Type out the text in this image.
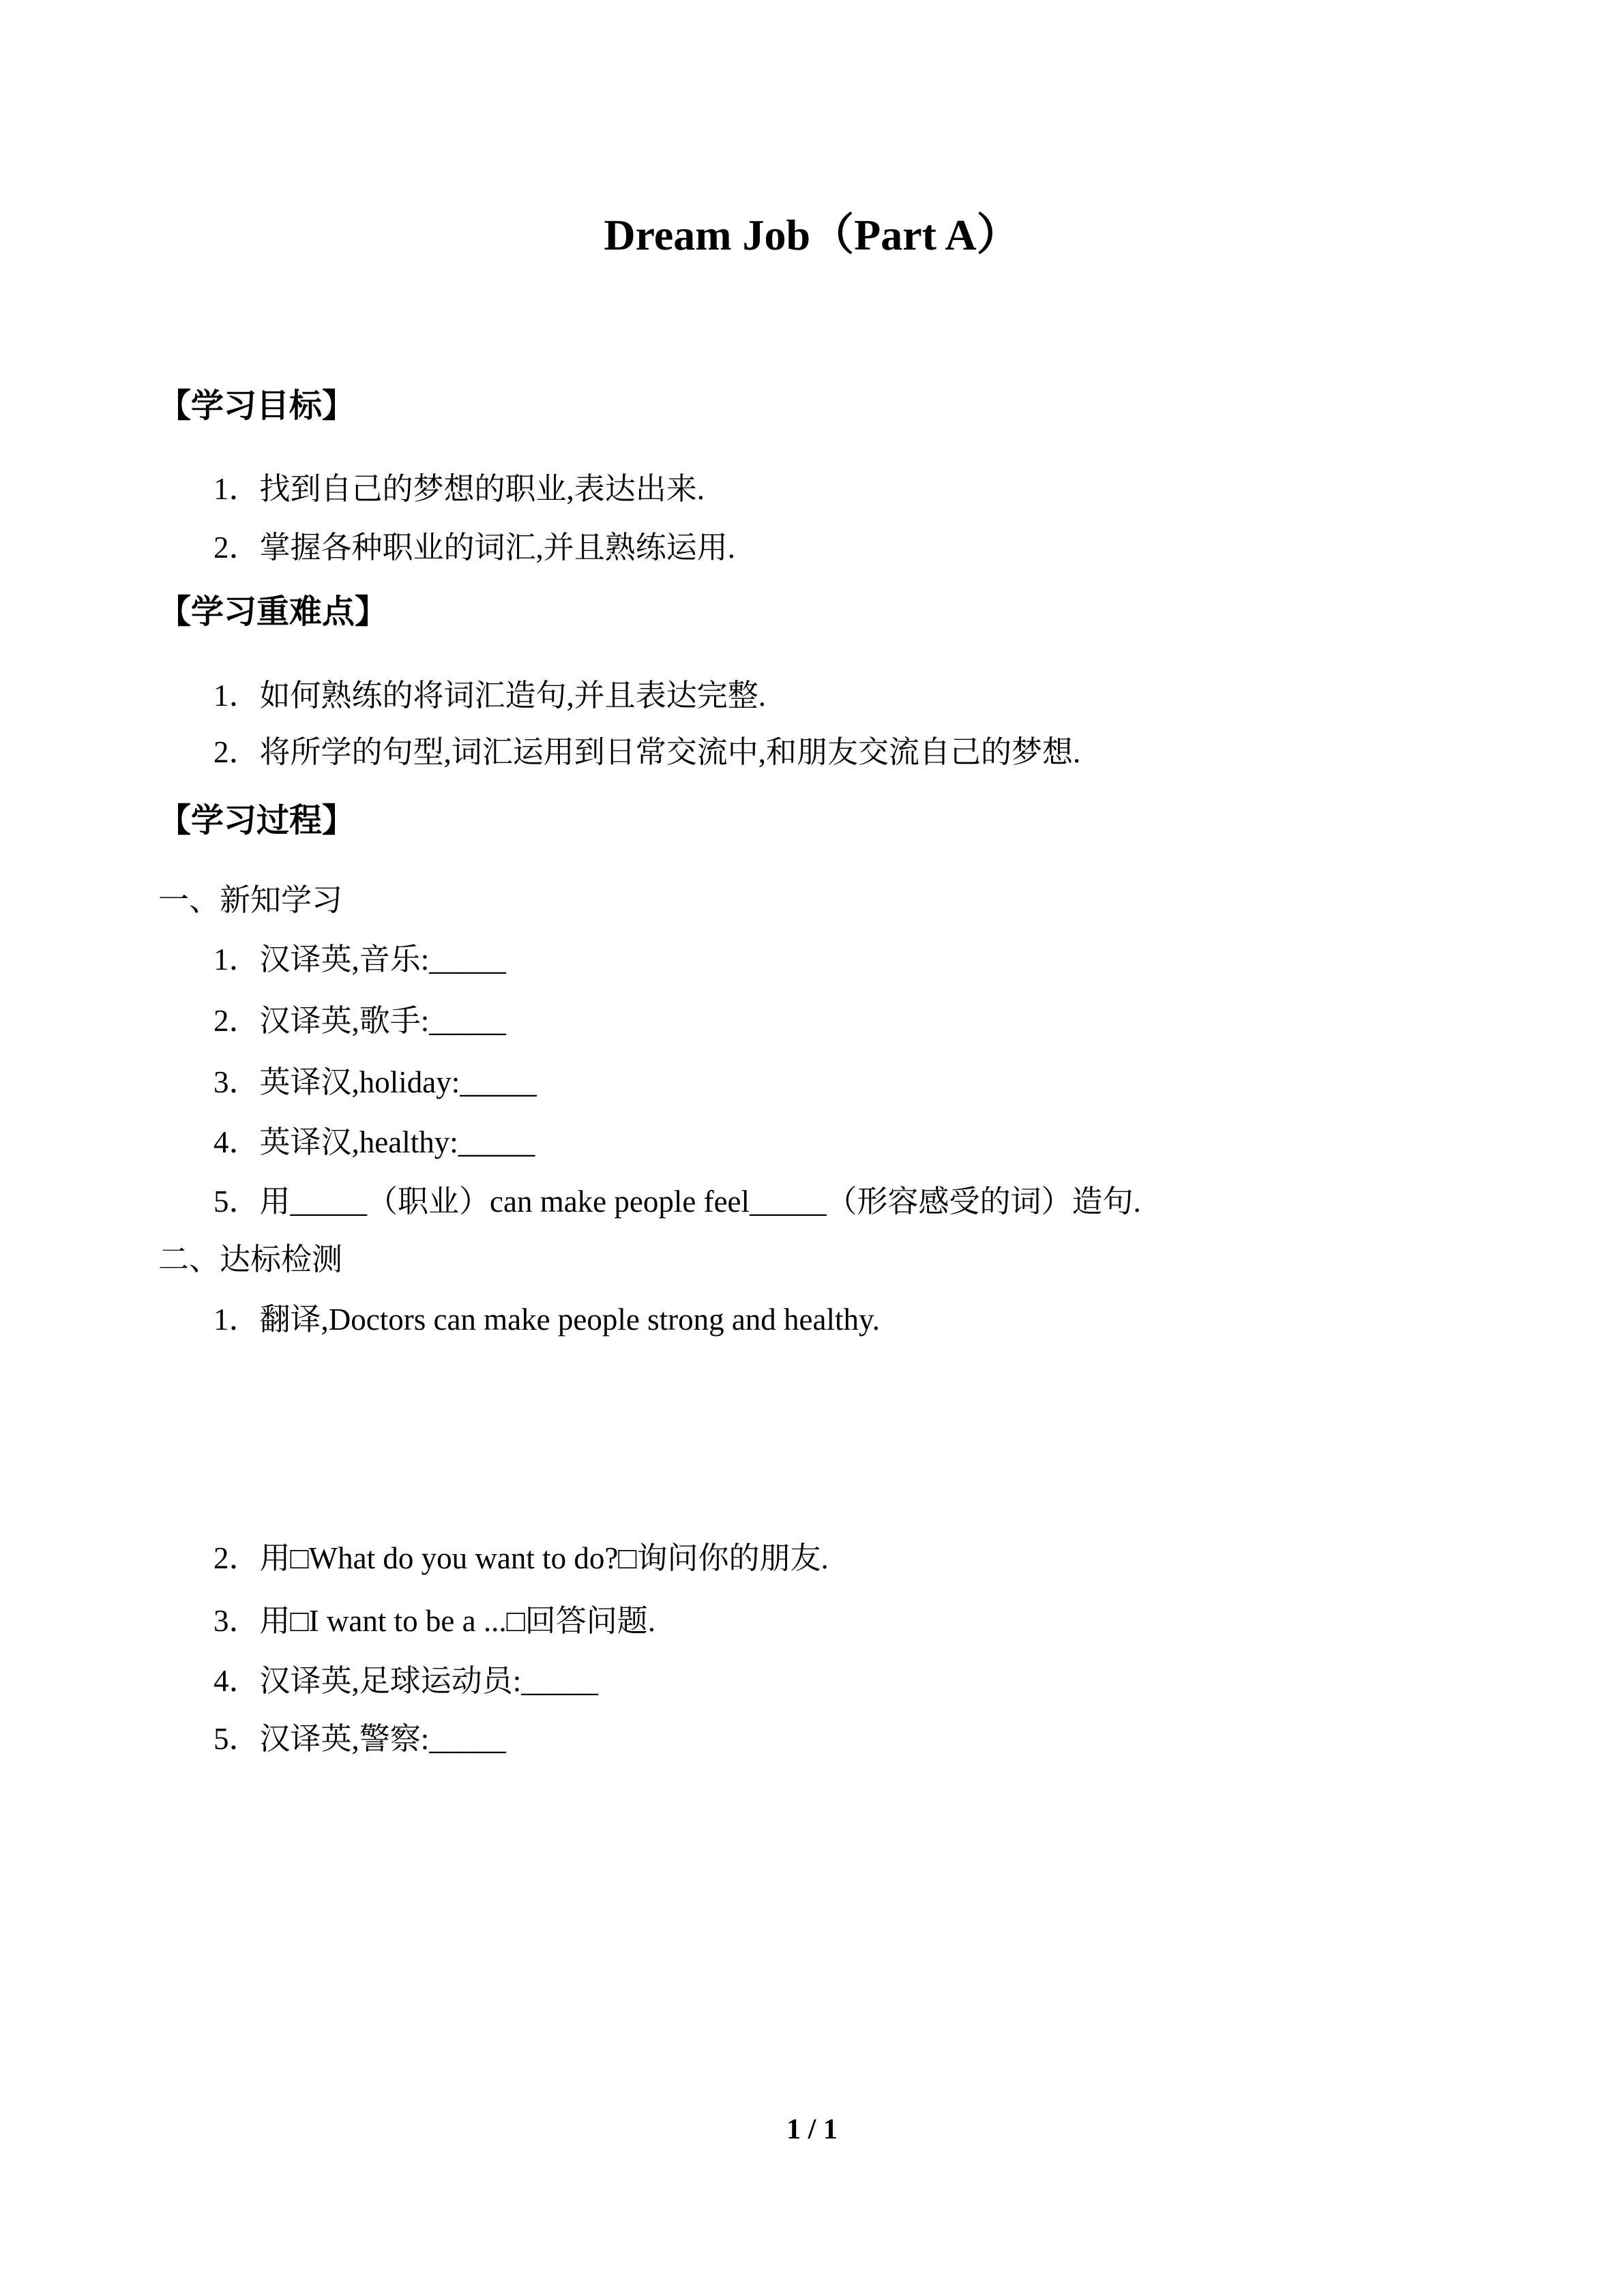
Dream Job（Part A）
【学习目标】
1．找到自己的梦想的职业,表达出来.
2．掌握各种职业的词汇,并且熟练运用.
【学习重难点】
1．如何熟练的将词汇造句,并且表达完整.
2．将所学的句型,词汇运用到日常交流中,和朋友交流自己的梦想.
【学习过程】
一、新知学习
1．汉译英,音乐:_____
2．汉译英,歌手:_____
3．英译汉,holiday:_____
4．英译汉,healthy:_____
5．用_____（职业）can make people feel_____（形容感受的词）造句.
二、达标检测
1．翻译,Doctors can make people strong and healthy.
2．用□What do you want to do?□询问你的朋友.
3．用□I want to be a ...□回答问题.
4．汉译英,足球运动员:_____
5．汉译英,警察:_____
1 / 1
